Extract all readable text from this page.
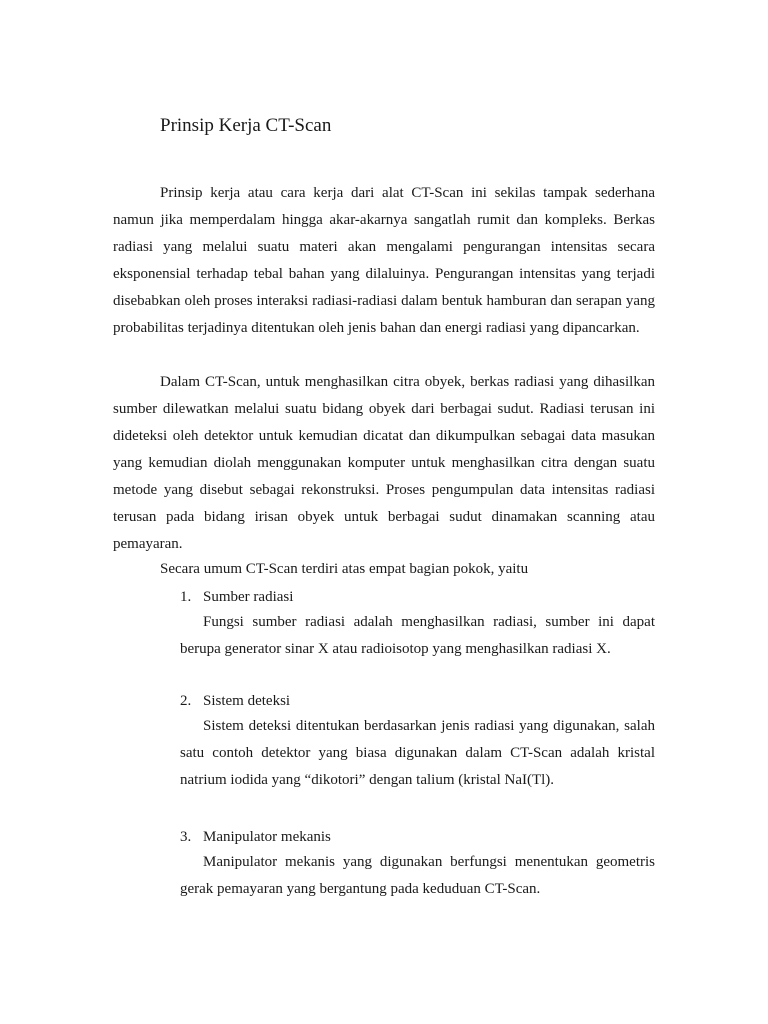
Prinsip Kerja CT-Scan

Prinsip kerja atau cara kerja dari alat CT-Scan ini sekilas tampak sederhana namun jika memperdalam hingga akar-akarnya sangatlah rumit dan kompleks. Berkas radiasi yang melalui suatu materi akan mengalami pengurangan intensitas secara eksponensial terhadap tebal bahan yang dilaluinya. Pengurangan intensitas yang terjadi disebabkan oleh proses interaksi radiasi-radiasi dalam bentuk hamburan dan serapan yang probabilitas terjadinya ditentukan oleh jenis bahan dan energi radiasi yang dipancarkan.

Dalam CT-Scan, untuk menghasilkan citra obyek, berkas radiasi yang dihasilkan sumber dilewatkan melalui suatu bidang obyek dari berbagai sudut. Radiasi terusan ini dideteksi oleh detektor untuk kemudian dicatat dan dikumpulkan sebagai data masukan yang kemudian diolah menggunakan komputer untuk menghasilkan citra dengan suatu metode yang disebut sebagai rekonstruksi. Proses pengumpulan data intensitas radiasi terusan pada bidang irisan obyek untuk berbagai sudut dinamakan scanning atau pemayaran.

Secara umum CT-Scan terdiri atas empat bagian pokok, yaitu

1. Sumber radiasi

Fungsi sumber radiasi adalah menghasilkan radiasi, sumber ini dapat berupa generator sinar X atau radioisotop yang menghasilkan radiasi X.

2. Sistem deteksi

Sistem deteksi ditentukan berdasarkan jenis radiasi yang digunakan, salah satu contoh detektor yang biasa digunakan dalam CT-Scan adalah kristal natrium iodida yang “dikotori” dengan talium (kristal NaI(Tl).

3. Manipulator mekanis

Manipulator mekanis yang digunakan berfungsi menentukan geometris gerak pemayaran yang bergantung pada keduduan CT-Scan.
